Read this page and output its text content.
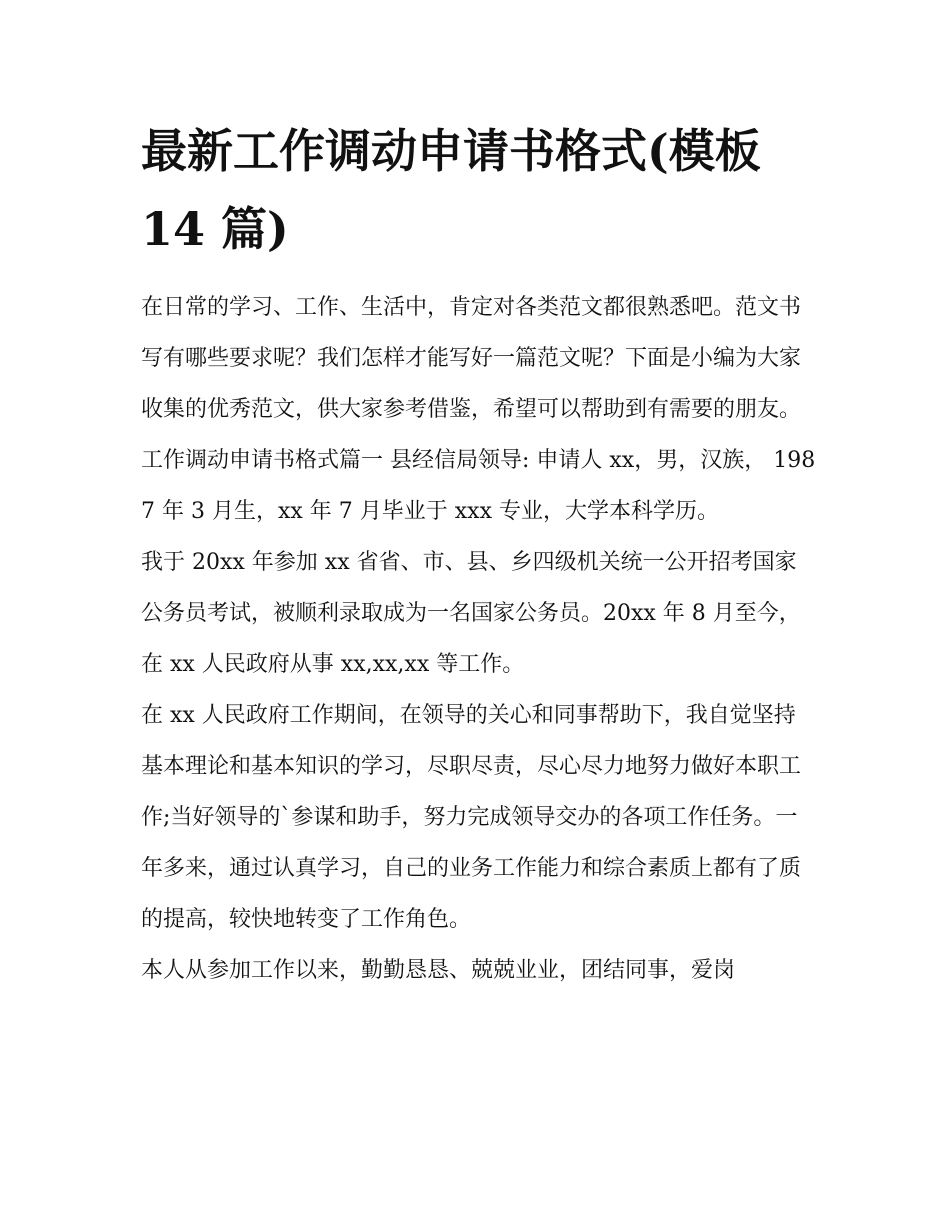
最新工作调动申请书格式(模板 14 篇)

在日常的学习、工作、生活中，肯定对各类范文都很熟悉吧。范文书写有哪些要求呢？我们怎样才能写好一篇范文呢？下面是小编为大家收集的优秀范文，供大家参考借鉴，希望可以帮助到有需要的朋友。

工作调动申请书格式篇一 县经信局领导: 申请人 xx，男，汉族， 1987 年 3 月生，xx 年 7 月毕业于 xxx 专业，大学本科学历。

我于 20xx 年参加 xx 省省、市、县、乡四级机关统一公开招考国家公务员考试，被顺利录取成为一名国家公务员。20xx 年 8 月至今，在 xx 人民政府从事 xx,xx,xx 等工作。

在 xx 人民政府工作期间，在领导的关心和同事帮助下，我自觉坚持基本理论和基本知识的学习，尽职尽责，尽心尽力地努力做好本职工作;当好领导的`参谋和助手，努力完成领导交办的各项工作任务。一年多来，通过认真学习，自己的业务工作能力和综合素质上都有了质的提高，较快地转变了工作角色。

本人从参加工作以来，勤勤恳恳、兢兢业业，团结同事，爱岗
